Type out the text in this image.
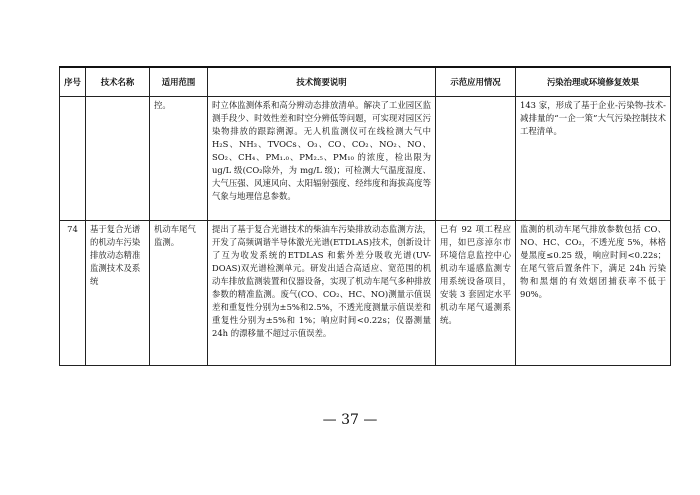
序号	技术名称	适用范围	技术简要说明	示范应用情况	污染治理或环境修复效果
		控。	时立体监测体系和高分辨动态排放清单。解决了工业园区监测手段少、时效性差和时空分辨低等问题，可实现对园区污染物排放的跟踪溯源。无人机监测仪可在线检测大气中 H₂S、NH₃、TVOCs、O₃、CO、CO₂、NO₂、NO、SO₂、CH₄、PM₁.₀、PM₂.₅、PM₁₀ 的浓度，检出限为 ug/L 级(CO₂除外，为 mg/L 级)；可检测大气温度湿度、大气压强、风速风向、太阳辐射强度、经纬度和海拔高度等气象与地理信息参数。		143 家，形成了基于企业-污染物-技术-减排量的“一企一策”大气污染控制技术工程清单。
74	基于复合光谱的机动车污染排放动态精准监测技术及系统	机动车尾气监测。	提出了基于复合光谱技术的柴油车污染排放动态监测方法，开发了高频调谐半导体激光光谱(ETDLAS)技术，创新设计了互为收发系统的ETDLAS 和紫外差分吸收光谱(UV-DOAS)双光谱检测单元。研发出适合高适应、宽范围的机动车排放监测装置和仪器设备，实现了机动车尾气多种排放参数的精准监测。废气(CO、CO₂、HC、NO)测量示值误差和重复性分别为±5%和2.5%，不透光度测量示值误差和重复性分别为±5%和 1%；响应时间<0.22s；仪器测量 24h 的漂移量不超过示值误差。	已有 92 项工程应用，如巴彦淖尔市环境信息监控中心机动车遥感监测专用系统设备项目，安装 3 套固定水平机动车尾气遥测系统。	监测的机动车尾气排放参数包括 CO、NO、HC、CO₂，不透光度 5%，林格曼黑度≤0.25 级，响应时间<0.22s；在尾气管后置条件下，满足 24h 污染物和黑烟的有效烟团捕获率不低于 90%。
— 37 —
